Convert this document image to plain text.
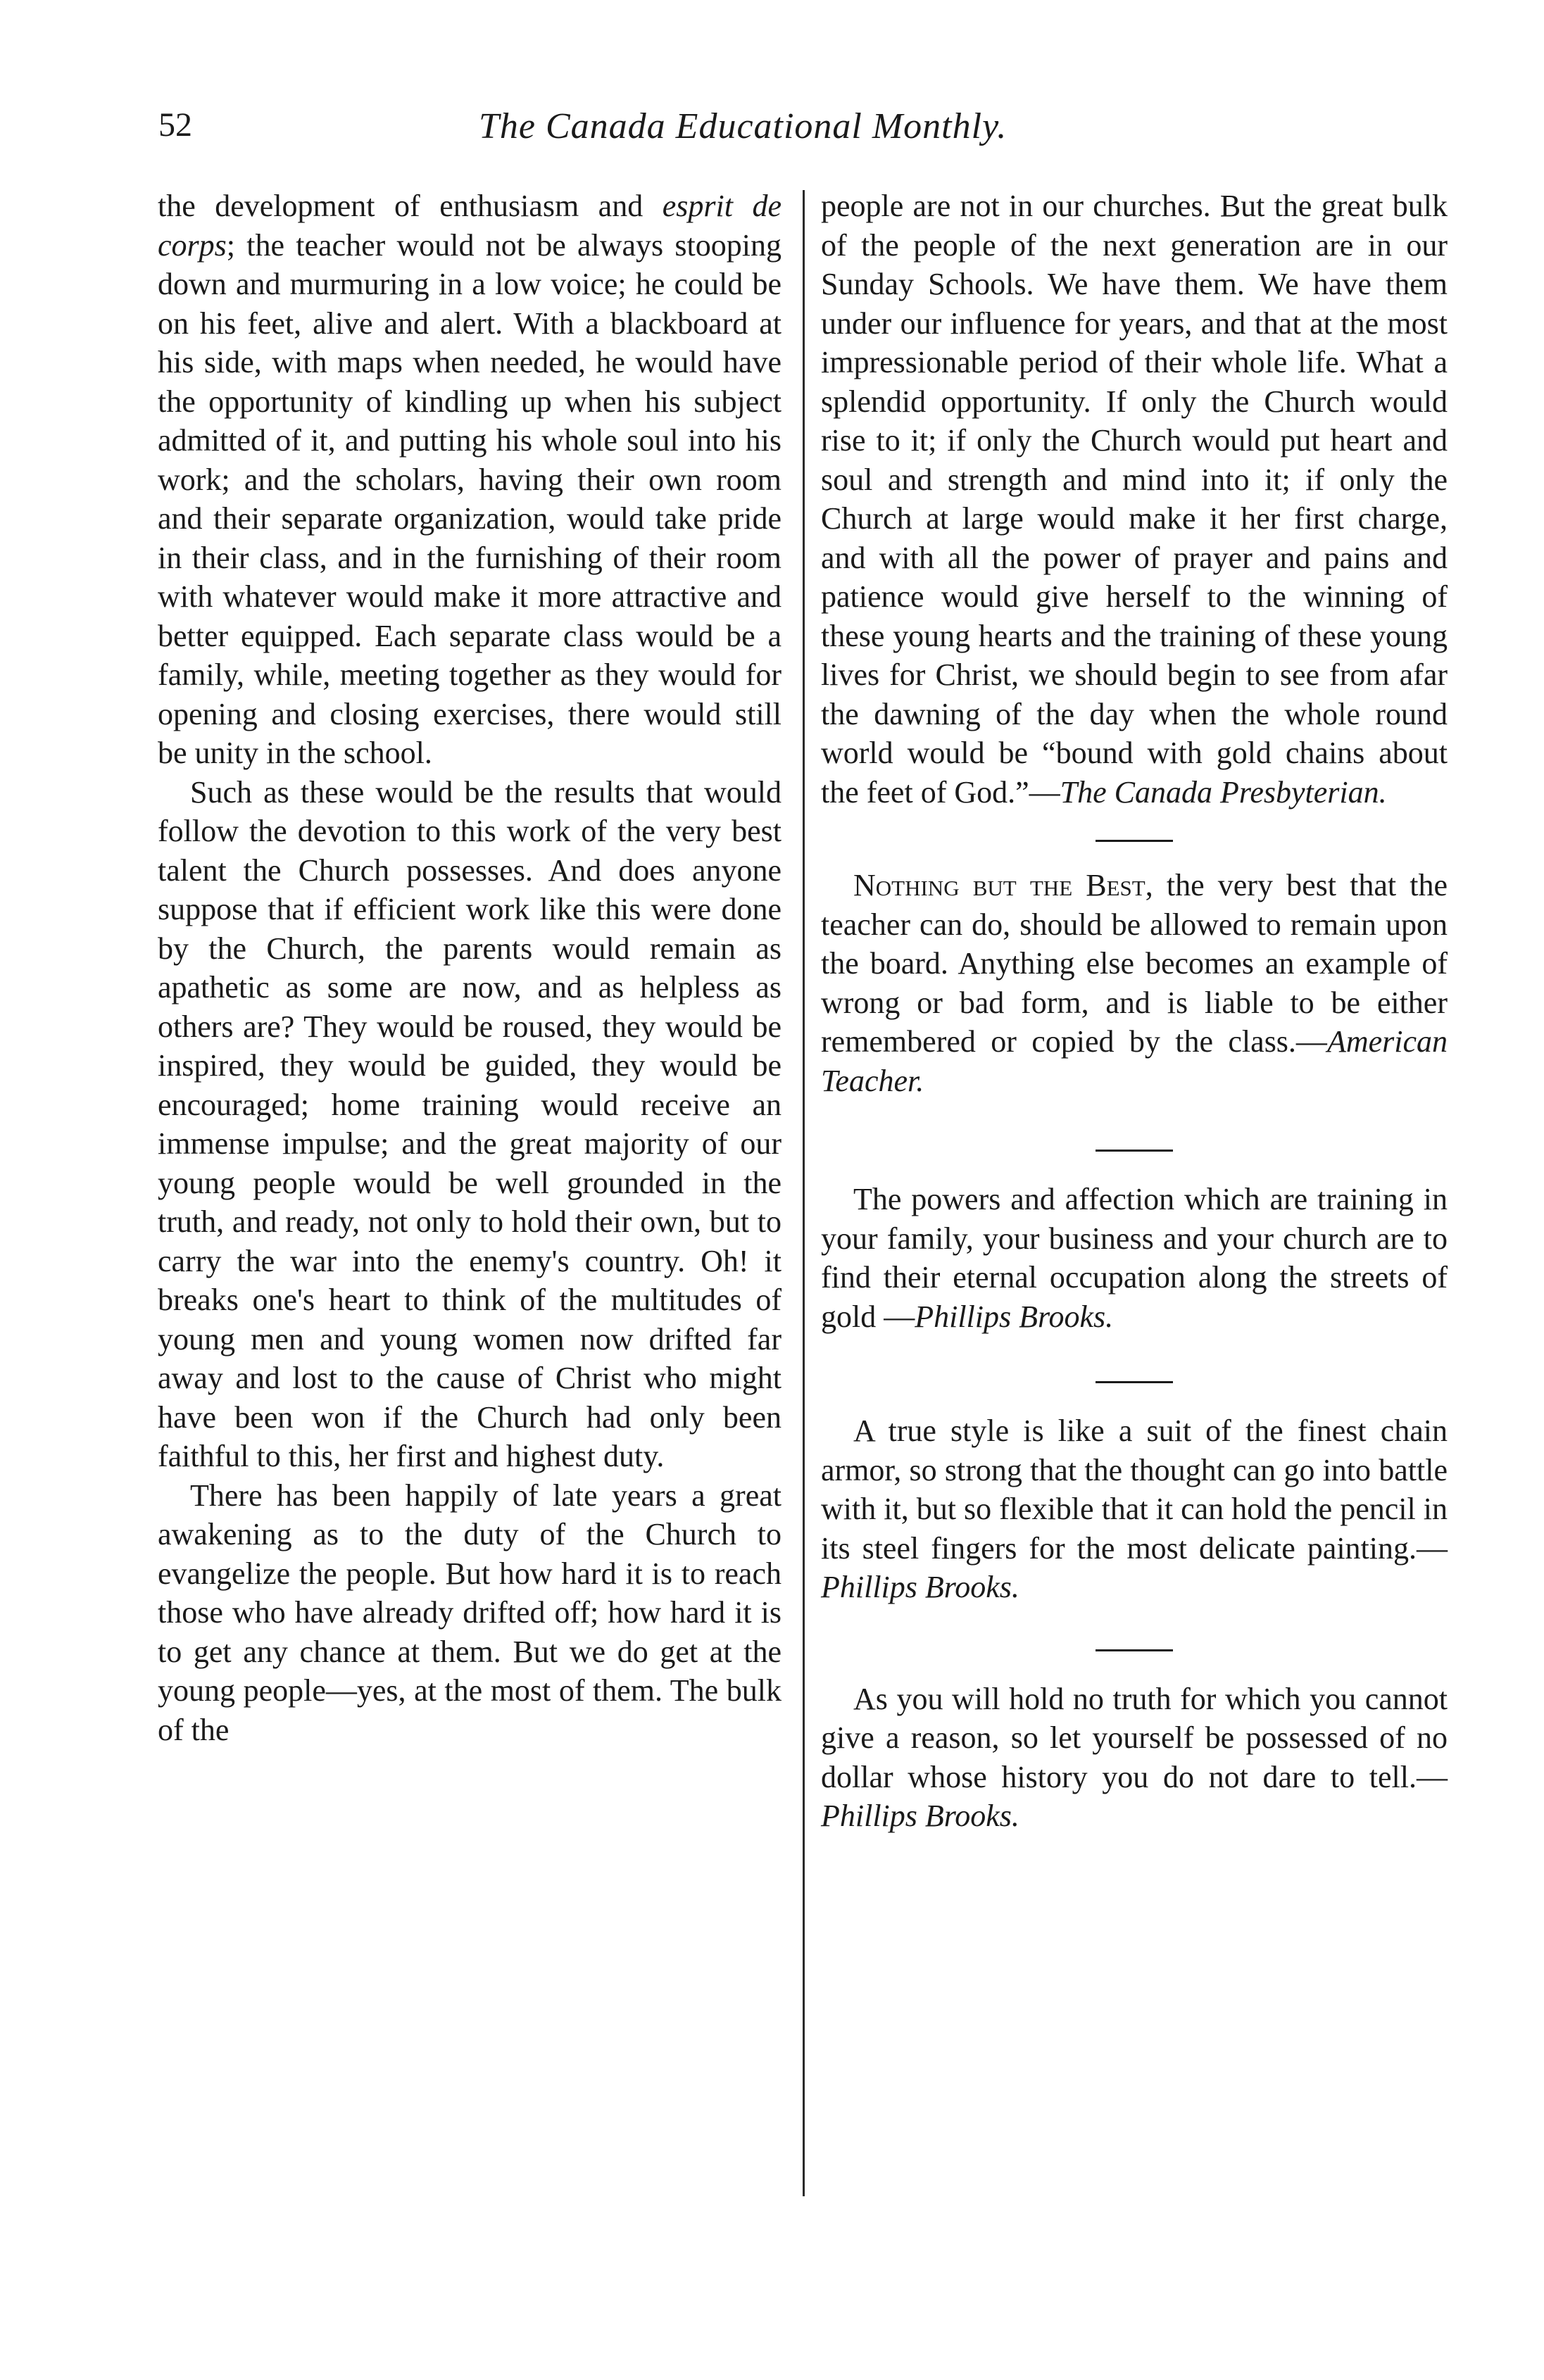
52	The Canada Educational Monthly.

the development of enthusiasm and esprit de corps; the teacher would not be always stooping down and murmuring in a low voice; he could be on his feet, alive and alert. With a blackboard at his side, with maps when needed, he would have the opportunity of kindling up when his subject admitted of it, and putting his whole soul into his work; and the scholars, having their own room and their separate organization, would take pride in their class, and in the furnishing of their room with whatever would make it more attractive and better equipped. Each separate class would be a family, while, meeting together as they would for opening and closing exercises, there would still be unity in the school.

Such as these would be the results that would follow the devotion to this work of the very best talent the Church possesses. And does anyone suppose that if efficient work like this were done by the Church, the parents would remain as apathetic as some are now, and as helpless as others are? They would be roused, they would be inspired, they would be guided, they would be encouraged; home training would receive an immense impulse; and the great majority of our young people would be well grounded in the truth, and ready, not only to hold their own, but to carry the war into the enemy's country. Oh! it breaks one's heart to think of the multitudes of young men and young women now drifted far away and lost to the cause of Christ who might have been won if the Church had only been faithful to this, her first and highest duty.

There has been happily of late years a great awakening as to the duty of the Church to evangelize the people. But how hard it is to reach those who have already drifted off; how hard it is to get any chance at them. But we do get at the young people—yes, at the most of them. The bulk of the

people are not in our churches. But the great bulk of the people of the next generation are in our Sunday Schools. We have them. We have them under our influence for years, and that at the most impressionable period of their whole life. What a splendid opportunity. If only the Church would rise to it; if only the Church would put heart and soul and strength and mind into it; if only the Church at large would make it her first charge, and with all the power of prayer and pains and patience would give herself to the winning of these young hearts and the training of these young lives for Christ, we should begin to see from afar the dawning of the day when the whole round world would be “bound with gold chains about the feet of God.”—The Canada Presbyterian.

Nothing but the Best, the very best that the teacher can do, should be allowed to remain upon the board. Anything else becomes an example of wrong or bad form, and is liable to be either remembered or copied by the class.—American Teacher.

The powers and affection which are training in your family, your business and your church are to find their eternal occupation along the streets of gold —Phillips Brooks.

A true style is like a suit of the finest chain armor, so strong that the thought can go into battle with it, but so flexible that it can hold the pencil in its steel fingers for the most delicate painting.—Phillips Brooks.

As you will hold no truth for which you cannot give a reason, so let yourself be possessed of no dollar whose history you do not dare to tell.—Phillips Brooks.
